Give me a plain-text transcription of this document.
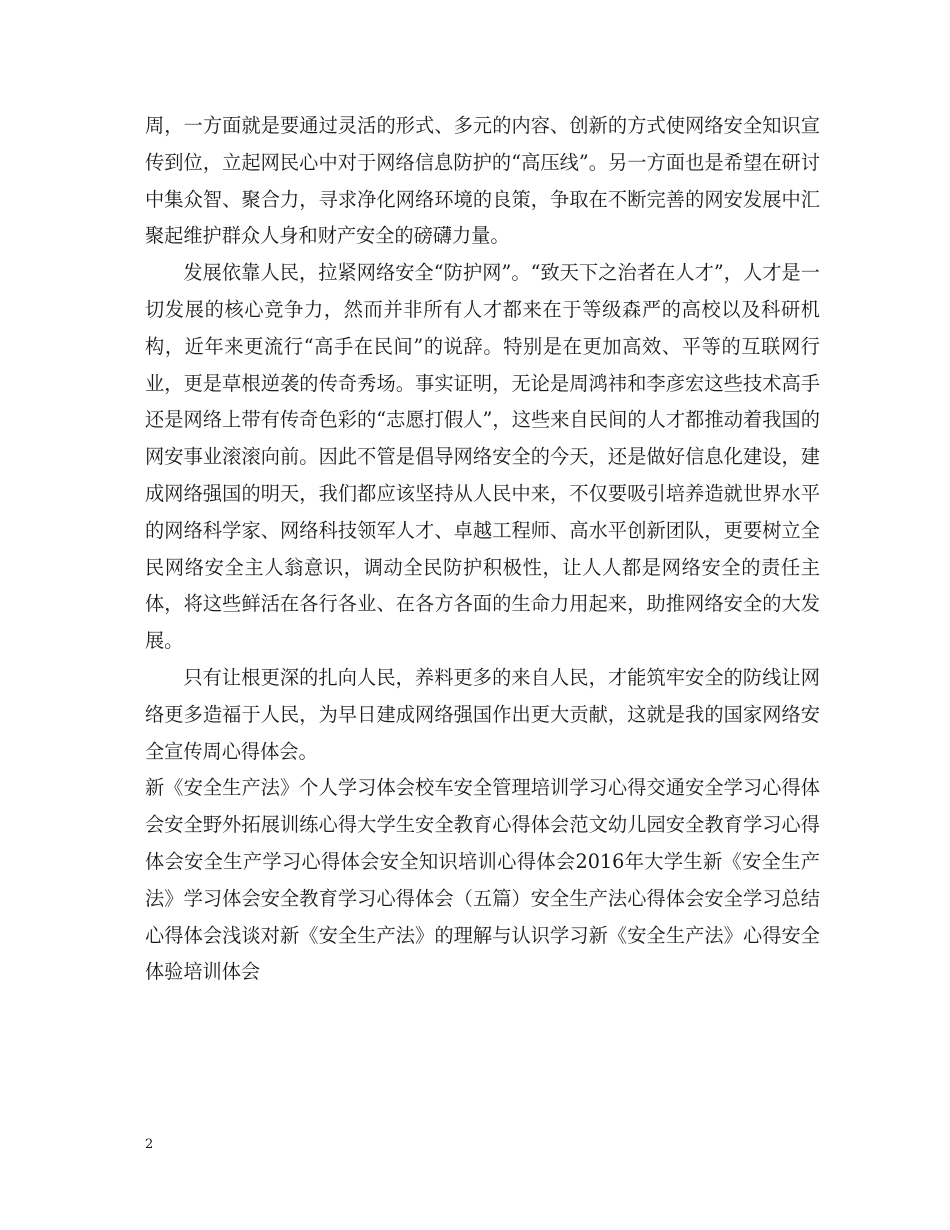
周，一方面就是要通过灵活的形式、多元的内容、创新的方式使网络安全知识宣传到位，立起网民心中对于网络信息防护的“高压线”。另一方面也是希望在研讨中集众智、聚合力，寻求净化网络环境的良策，争取在不断完善的网安发展中汇聚起维护群众人身和财产安全的磅礴力量。

发展依靠人民，拉紧网络安全“防护网”。“致天下之治者在人才”，人才是一切发展的核心竞争力，然而并非所有人才都来在于等级森严的高校以及科研机构，近年来更流行“高手在民间”的说辞。特别是在更加高效、平等的互联网行业，更是草根逆袭的传奇秀场。事实证明，无论是周鸿祎和李彦宏这些技术高手还是网络上带有传奇色彩的“志愿打假人”，这些来自民间的人才都推动着我国的网安事业滚滚向前。因此不管是倡导网络安全的今天，还是做好信息化建设，建成网络强国的明天，我们都应该坚持从人民中来，不仅要吸引培养造就世界水平的网络科学家、网络科技领军人才、卓越工程师、高水平创新团队，更要树立全民网络安全主人翁意识，调动全民防护积极性，让人人都是网络安全的责任主体，将这些鲜活在各行各业、在各方各面的生命力用起来，助推网络安全的大发展。

只有让根更深的扎向人民，养料更多的来自人民，才能筑牢安全的防线让网络更多造福于人民，为早日建成网络强国作出更大贡献，这就是我的国家网络安全宣传周心得体会。

新《安全生产法》个人学习体会校车安全管理培训学习心得交通安全学习心得体会安全野外拓展训练心得大学生安全教育心得体会范文幼儿园安全教育学习心得体会安全生产学习心得体会安全知识培训心得体会2016年大学生新《安全生产法》学习体会安全教育学习心得体会（五篇）安全生产法心得体会安全学习总结心得体会浅谈对新《安全生产法》的理解与认识学习新《安全生产法》心得安全体验培训体会

2
